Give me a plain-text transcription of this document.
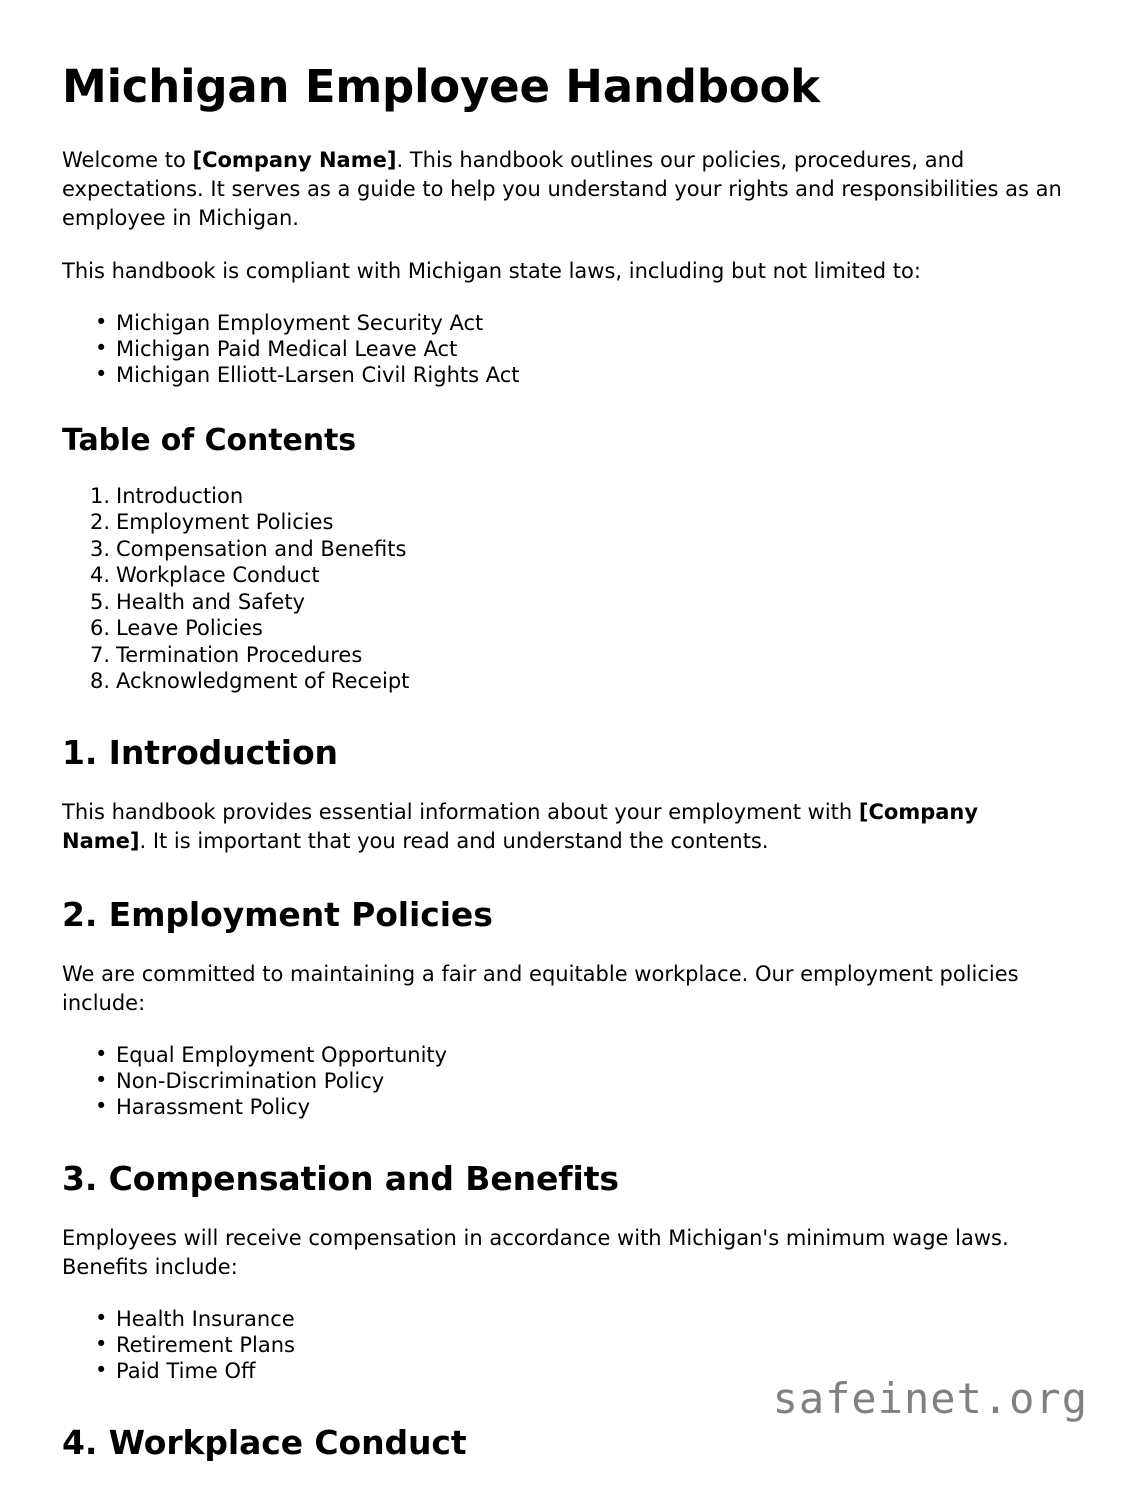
Michigan Employee Handbook

Welcome to [Company Name]. This handbook outlines our policies, procedures, and expectations. It serves as a guide to help you understand your rights and responsibilities as an employee in Michigan.

This handbook is compliant with Michigan state laws, including but not limited to:

• Michigan Employment Security Act
• Michigan Paid Medical Leave Act
• Michigan Elliott-Larsen Civil Rights Act
Table of Contents
Introduction
Employment Policies
Compensation and Benefits
Workplace Conduct
Health and Safety
Leave Policies
Termination Procedures
Acknowledgment of Receipt
1. Introduction

This handbook provides essential information about your employment with [Company Name]. It is important that you read and understand the contents.

2. Employment Policies

We are committed to maintaining a fair and equitable workplace. Our employment policies include:

• Equal Employment Opportunity
• Non-Discrimination Policy
• Harassment Policy
3. Compensation and Benefits

Employees will receive compensation in accordance with Michigan's minimum wage laws. Benefits include:

• Health Insurance
• Retirement Plans
• Paid Time Off
4. Workplace Conduct
safeinet.org
